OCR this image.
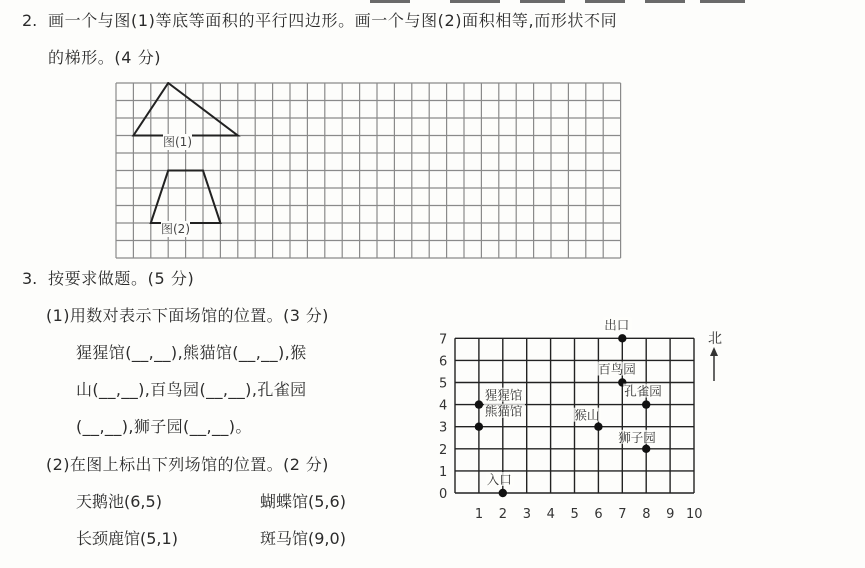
2. 画一个与图(1)等底等面积的平行四边形。画一个与图(2)面积相等,而形状不同
的梯形。(4 分)
图(1)
图(2)
3. 按要求做题。(5 分)
(1)用数对表示下面场馆的位置。(3 分)
猩猩馆(__,__),熊猫馆(__,__),猴
山(__,__),百鸟园(__,__),孔雀园
(__,__),狮子园(__,__)。
(2)在图上标出下列场馆的位置。(2 分)
天鹅池(6,5)	蝴蝶馆(5,6)
长颈鹿馆(5,1)	斑马馆(9,0)
1 2 3 4 5 6 7 8 9 10
0
1
2
3
4
5
6
7
出口
百鸟园
孔雀园
猩猩馆
熊猫馆	猴山
狮子园
入口
北
